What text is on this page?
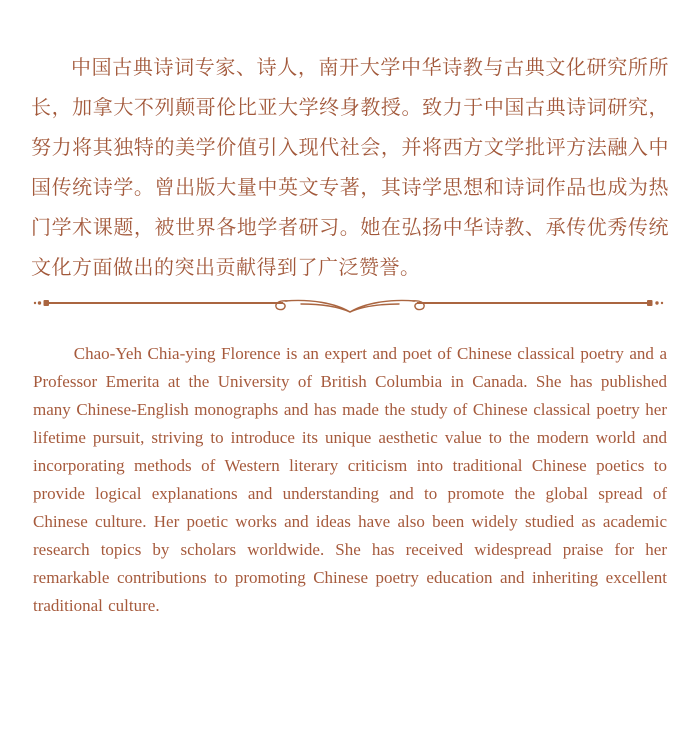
中国古典诗词专家、诗人，南开大学中华诗教与古典文化研究所所长，加拿大不列颠哥伦比亚大学终身教授。致力于中国古典诗词研究，努力将其独特的美学价值引入现代社会，并将西方文学批评方法融入中国传统诗学。曾出版大量中英文专著，其诗学思想和诗词作品也成为热门学术课题，被世界各地学者研习。她在弘扬中华诗教、承传优秀传统文化方面做出的突出贡献得到了广泛赞誉。

Chao-Yeh Chia-ying Florence is an expert and poet of Chinese classical poetry and a Professor Emerita at the University of British Columbia in Canada. She has published many Chinese-English monographs and has made the study of Chinese classical poetry her lifetime pursuit, striving to introduce its unique aesthetic value to the modern world and incorporating methods of Western literary criticism into traditional Chinese poetics to provide logical explanations and understanding and to promote the global spread of Chinese culture. Her poetic works and ideas have also been widely studied as academic research topics by scholars worldwide. She has received widespread praise for her remarkable contributions to promoting Chinese poetry education and inheriting excellent traditional culture.
